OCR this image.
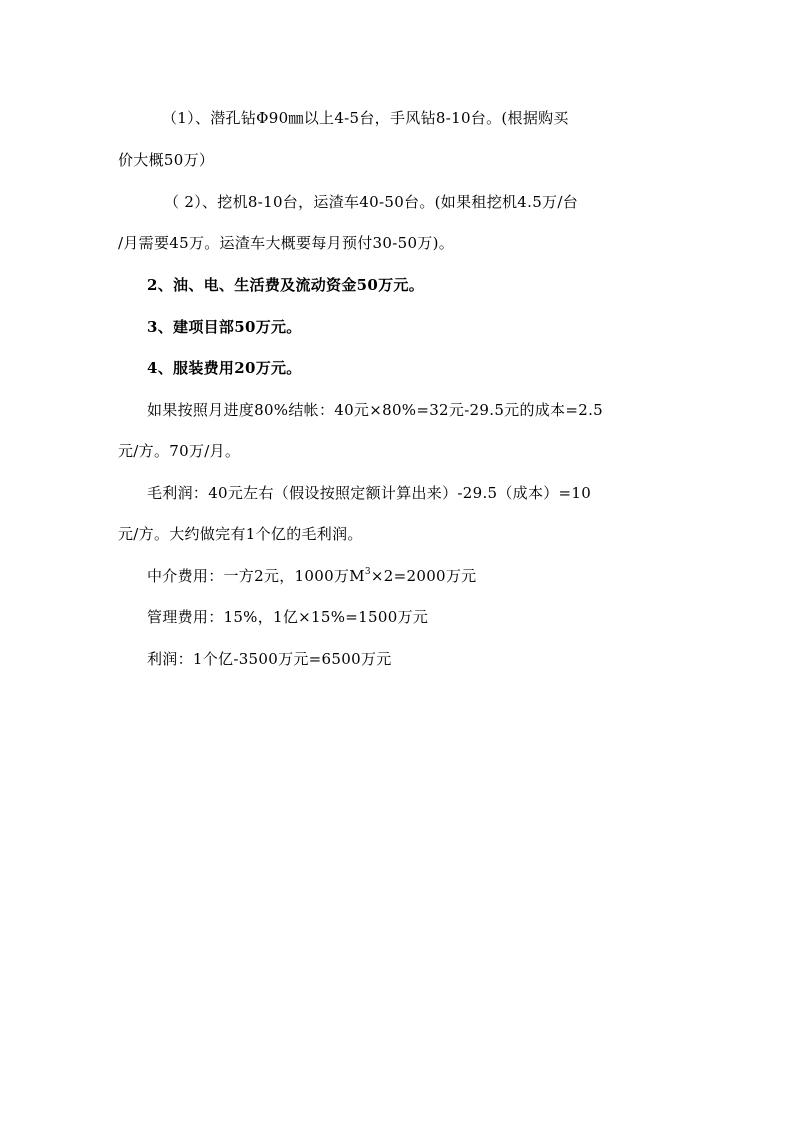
（1）、潜孔钻Φ90㎜以上4-5台，手风钻8-10台。(根据购买
价大概50万）
（ 2）、挖机8-10台，运渣车40-50台。(如果租挖机4.5万/台
/月需要45万。运渣车大概要每月预付30-50万)。
2、油、电、生活费及流动资金50万元。
3、建项目部50万元。
4、服装费用20万元。
如果按照月进度80%结帐：40元×80%=32元-29.5元的成本=2.5
元/方。70万/月。
毛利润：40元左右（假设按照定额计算出来）-29.5（成本）=10
元/方。大约做完有1个亿的毛利润。
中介费用：一方2元，1000万$M^3\times 2=2000$万元
管理费用：15%，1亿×15%=1500万元
利润：1个亿-3500万元=6500万元
